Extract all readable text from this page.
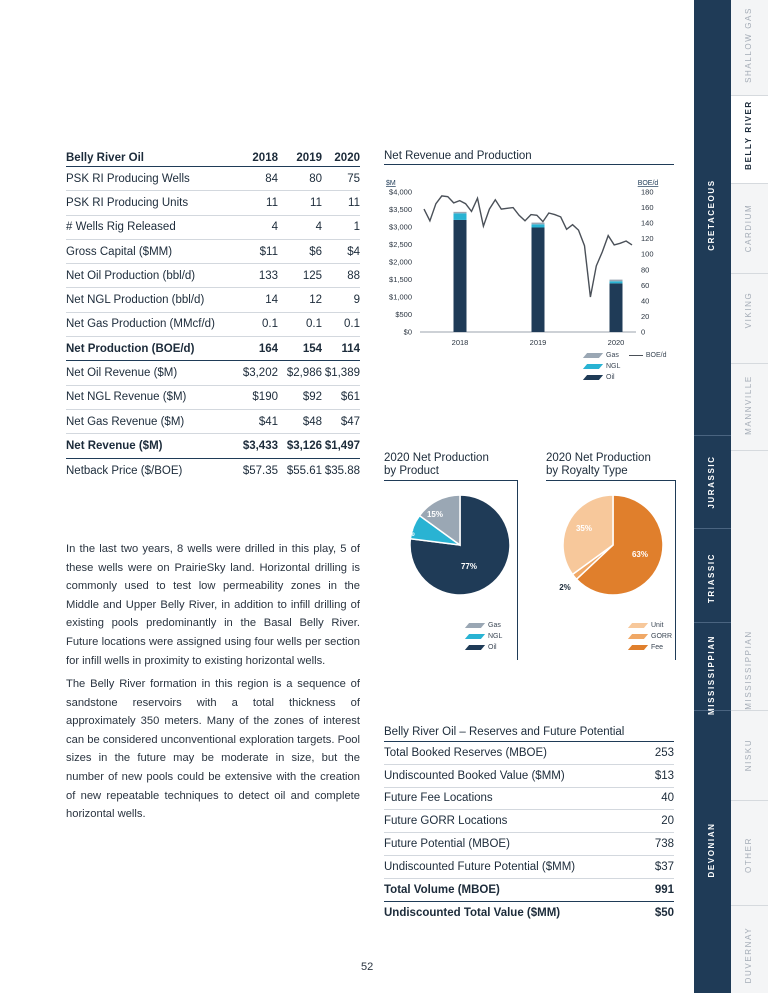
Belly River Oil	2018	2019	2020
PSK RI Producing Wells	84	80	75
PSK RI Producing Units	11	11	11
# Wells Rig Released	4	4	1
Gross Capital ($MM)	$11	$6	$4
Net Oil Production (bbl/d)	133	125	88
Net NGL Production (bbl/d)	14	12	9
Net Gas Production (MMcf/d)	0.1	0.1	0.1
Net Production (BOE/d)	164	154	114
Net Oil Revenue ($M)	$3,202 $2,986 $1,389
Net NGL Revenue ($M)	$190	$92	$61
Net Gas Revenue ($M)	$41	$48	$47
Net Revenue ($M)	$3,433 $3,126 $1,497
Netback Price ($/BOE)	$57.35 $55.61 $35.88

In the last two years, 8 wells were drilled in this play, 5 of these wells were on PrairieSky land. Horizontal drilling is commonly used to test low permeability zones in the Middle and Upper Belly River, in addition to infill drilling of existing pools predominantly in the Basal Belly River. Future locations were assigned using four wells per section for infill wells in proximity to existing horizontal wells.

The Belly River formation in this region is a sequence of sandstone reservoirs with a total thickness of approximately 350 meters. Many of the zones of interest can be considered unconventional exploration targets. Pool sizes in the future may be moderate in size, but the number of new pools could be extensive with the creation of new repeatable techniques to detect oil and complete horizontal wells.

Net Revenue and Production
$M	BOE/d
$0
$500
$1,000
$1,500
$2,000
$2,500
$3,000
$3,500
$4,000
0
20
40
60
80
100
120
140
160
180
2018	2019	2020
Gas	BOE/d
NGL
Oil
2020 Net Production
by Product
77%
8%
15%
Gas
NGL
Oil
2020 Net Production
by Royalty Type
63%
2%
35%
Unit
GORR
Fee
Belly River Oil – Reserves and Future Potential
Total Booked Reserves (MBOE)	253
Undiscounted Booked Value ($MM)	$13
Future Fee Locations	40
Future GORR Locations	20
Future Potential (MBOE)	738
Undiscounted Future Potential ($MM)	$37
Total Volume (MBOE)	991
Undiscounted Total Value ($MM)	$50
52
CRETACEOUS
JURASSIC
TRIASSIC
MISSISSIPPIAN
DEVONIAN
SHALLOW GAS
BELLY RIVER
CARDIUM
VIKING
MANNVILLE
MISSISSIPPIAN
NISKU
OTHER
DUVERNAY
